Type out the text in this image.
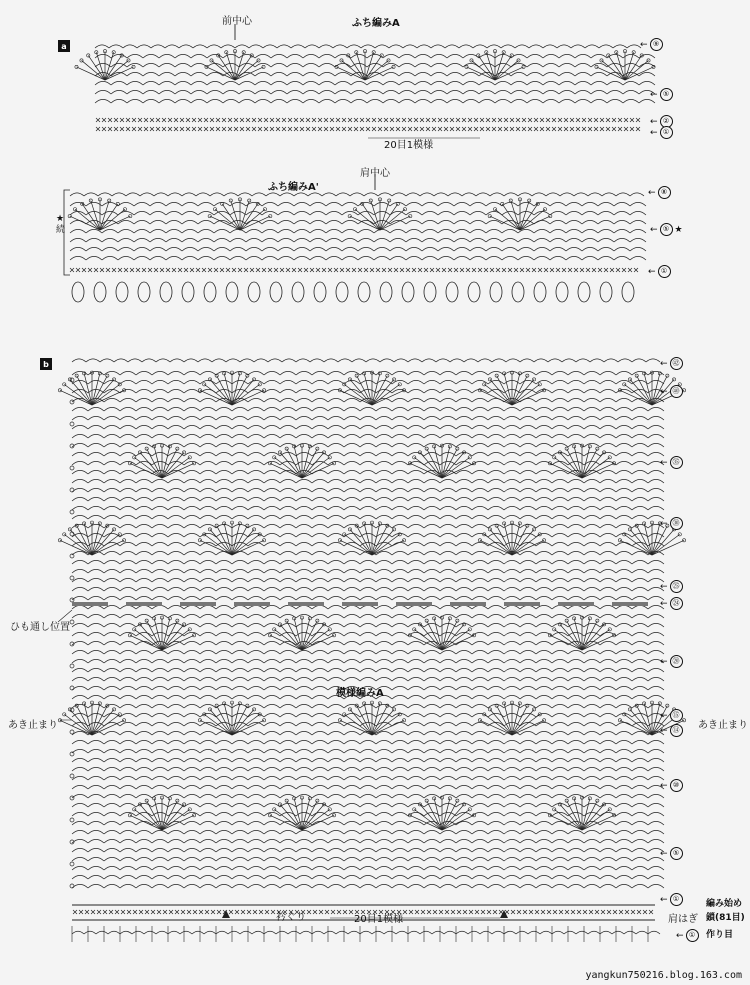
a
ふち編みA
前中心
20目1模様
← ⑨
← ⑤
← ②
← ①
肩中心
ふち編みA'
★
続
← ⑧
← ⑤ ★
← ①
b
模様編みA
ひも通し位置
あき止まり	あき止まり
衿ぐり	20目1模様	肩はぎ
編み始め
鎖(81目)
作り目
← ㊷
← ㊵
← ㉟
← ㉚
← ㉕
← ㉔
← ⑳
← ⑮
← ⑭
← ⑩
← ⑤
← ①
← ①
yangkun750216.blog.163.com
